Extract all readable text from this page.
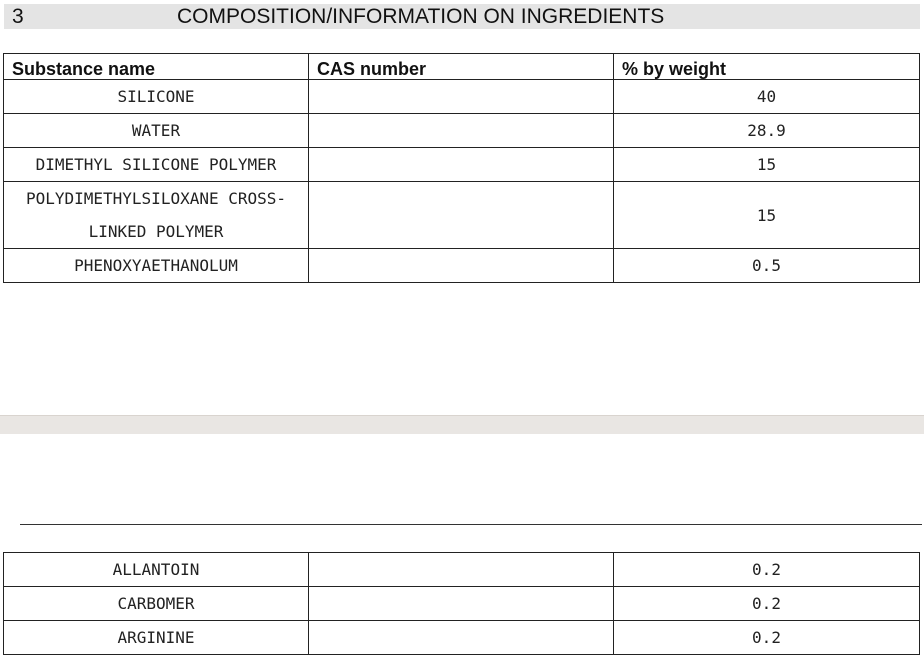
3	COMPOSITION/INFORMATION ON INGREDIENTS
Substance name	CAS number	% by weight
SILICONE		40
WATER		28.9
DIMETHYL SILICONE POLYMER		15

POLYDIMETHYLSILOXANE CROSS-
LINKED POLYMER		15
PHENOXYAETHANOLUM		0.5
ALLANTOIN		0.2
CARBOMER		0.2
ARGININE		0.2
